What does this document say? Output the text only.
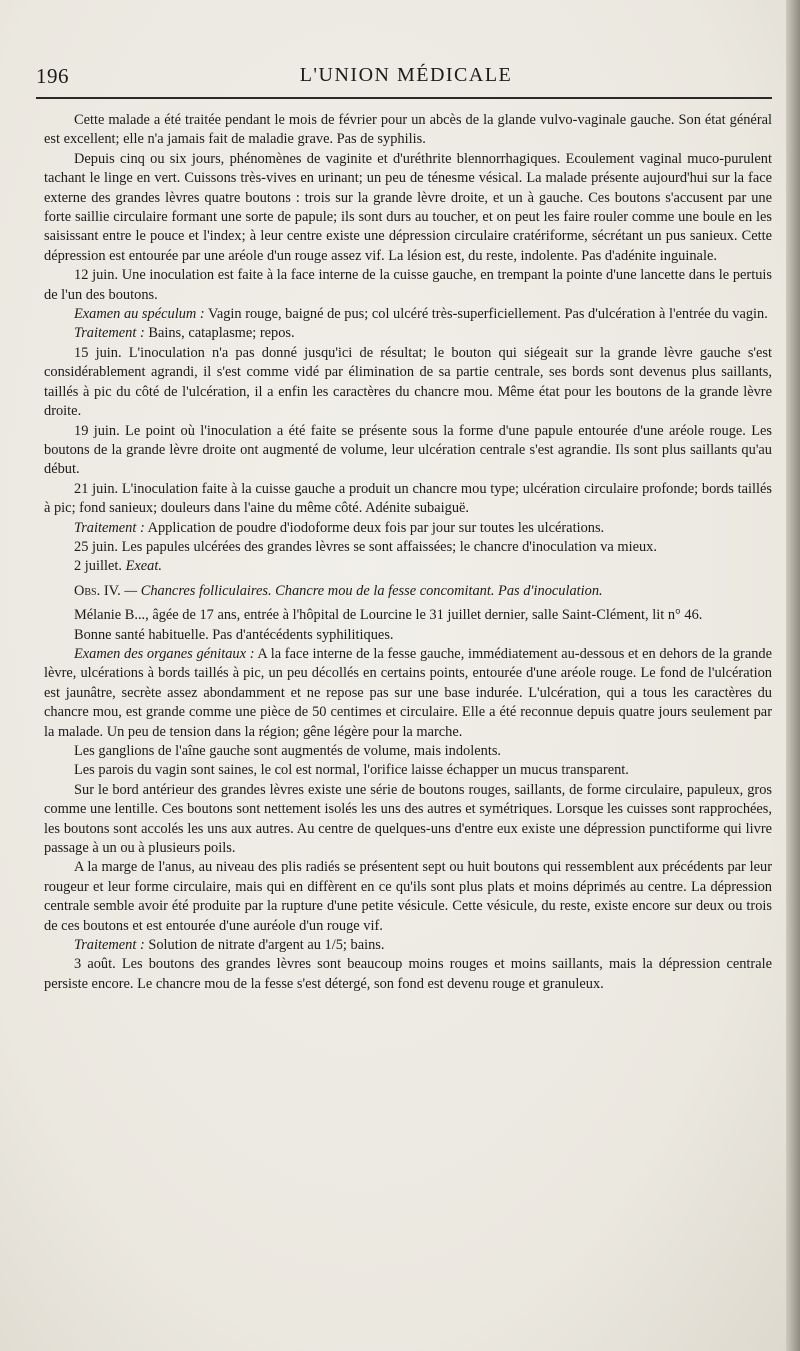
196	L'UNION MÉDICALE

Cette malade a été traitée pendant le mois de février pour un abcès de la glande vulvo-vaginale gauche. Son état général est excellent; elle n'a jamais fait de maladie grave. Pas de syphilis.

Depuis cinq ou six jours, phénomènes de vaginite et d'uréthrite blennorrhagiques. Ecoulement vaginal muco-purulent tachant le linge en vert. Cuissons très-vives en urinant; un peu de ténesme vésical. La malade présente aujourd'hui sur la face externe des grandes lèvres quatre boutons : trois sur la grande lèvre droite, et un à gauche. Ces boutons s'accusent par une forte saillie circulaire formant une sorte de papule; ils sont durs au toucher, et on peut les faire rouler comme une boule en les saisissant entre le pouce et l'index; à leur centre existe une dépression circulaire cratériforme, sécrétant un pus sanieux. Cette dépression est entourée par une aréole d'un rouge assez vif. La lésion est, du reste, indolente. Pas d'adénite inguinale.

12 juin. Une inoculation est faite à la face interne de la cuisse gauche, en trempant la pointe d'une lancette dans le pertuis de l'un des boutons.

Examen au spéculum : Vagin rouge, baigné de pus; col ulcéré très-superficiellement. Pas d'ulcération à l'entrée du vagin.

Traitement : Bains, cataplasme; repos.

15 juin. L'inoculation n'a pas donné jusqu'ici de résultat; le bouton qui siégeait sur la grande lèvre gauche s'est considérablement agrandi, il s'est comme vidé par élimination de sa partie centrale, ses bords sont devenus plus saillants, taillés à pic du côté de l'ulcération, il a enfin les caractères du chancre mou. Même état pour les boutons de la grande lèvre droite.

19 juin. Le point où l'inoculation a été faite se présente sous la forme d'une papule entourée d'une aréole rouge. Les boutons de la grande lèvre droite ont augmenté de volume, leur ulcération centrale s'est agrandie. Ils sont plus saillants qu'au début.

21 juin. L'inoculation faite à la cuisse gauche a produit un chancre mou type; ulcération circulaire profonde; bords taillés à pic; fond sanieux; douleurs dans l'aine du même côté. Adénite subaiguë.

Traitement : Application de poudre d'iodoforme deux fois par jour sur toutes les ulcérations.

25 juin. Les papules ulcérées des grandes lèvres se sont affaissées; le chancre d'inoculation va mieux.

2 juillet. Exeat.

Obs. IV. — Chancres folliculaires. Chancre mou de la fesse concomitant. Pas d'inoculation.

Mélanie B..., âgée de 17 ans, entrée à l'hôpital de Lourcine le 31 juillet dernier, salle Saint-Clément, lit n° 46.

Bonne santé habituelle. Pas d'antécédents syphilitiques.

Examen des organes génitaux : A la face interne de la fesse gauche, immédiatement au-dessous et en dehors de la grande lèvre, ulcérations à bords taillés à pic, un peu décollés en certains points, entourée d'une aréole rouge. Le fond de l'ulcération est jaunâtre, secrète assez abondamment et ne repose pas sur une base indurée. L'ulcération, qui a tous les caractères du chancre mou, est grande comme une pièce de 50 centimes et circulaire. Elle a été reconnue depuis quatre jours seulement par la malade. Un peu de tension dans la région; gêne légère pour la marche.

Les ganglions de l'aîne gauche sont augmentés de volume, mais indolents.

Les parois du vagin sont saines, le col est normal, l'orifice laisse échapper un mucus transparent.

Sur le bord antérieur des grandes lèvres existe une série de boutons rouges, saillants, de forme circulaire, papuleux, gros comme une lentille. Ces boutons sont nettement isolés les uns des autres et symétriques. Lorsque les cuisses sont rapprochées, les boutons sont accolés les uns aux autres. Au centre de quelques-uns d'entre eux existe une dépression punctiforme qui livre passage à un ou à plusieurs poils.

A la marge de l'anus, au niveau des plis radiés se présentent sept ou huit boutons qui ressemblent aux précédents par leur rougeur et leur forme circulaire, mais qui en diffèrent en ce qu'ils sont plus plats et moins déprimés au centre. La dépression centrale semble avoir été produite par la rupture d'une petite vésicule. Cette vésicule, du reste, existe encore sur deux ou trois de ces boutons et est entourée d'une auréole d'un rouge vif.

Traitement : Solution de nitrate d'argent au 1/5; bains.

3 août. Les boutons des grandes lèvres sont beaucoup moins rouges et moins saillants, mais la dépression centrale persiste encore. Le chancre mou de la fesse s'est détergé, son fond est devenu rouge et granuleux.
